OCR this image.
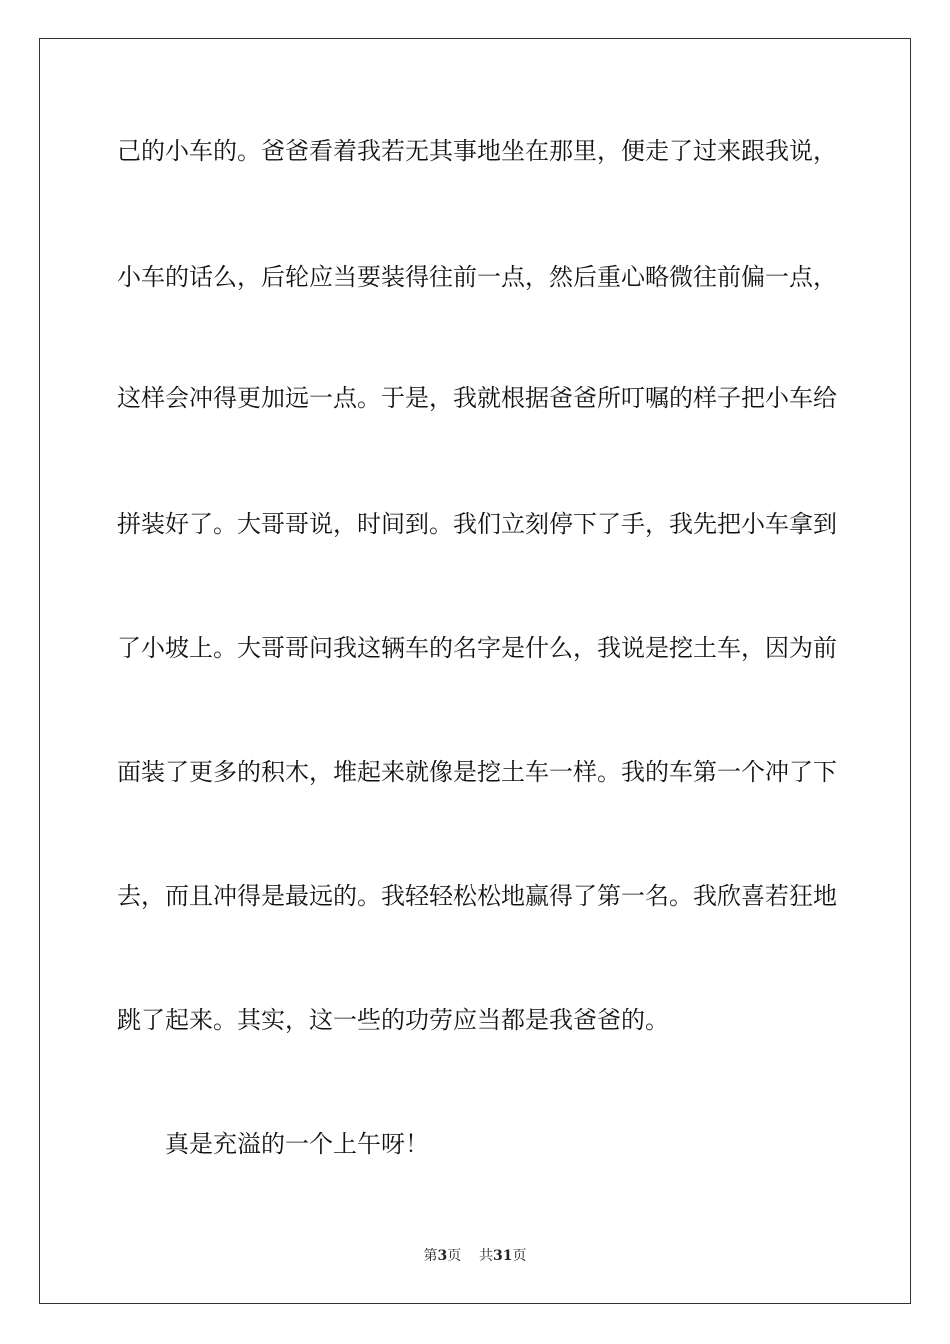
己的小车的。爸爸看着我若无其事地坐在那里，便走了过来跟我说，
小车的话么，后轮应当要装得往前一点，然后重心略微往前偏一点，
这样会冲得更加远一点。于是，我就根据爸爸所叮嘱的样子把小车给
拼装好了。大哥哥说，时间到。我们立刻停下了手，我先把小车拿到
了小坡上。大哥哥问我这辆车的名字是什么，我说是挖土车，因为前
面装了更多的积木，堆起来就像是挖土车一样。我的车第一个冲了下
去，而且冲得是最远的。我轻轻松松地赢得了第一名。我欣喜若狂地
跳了起来。其实，这一些的功劳应当都是我爸爸的。
真是充溢的一个上午呀！
第3页 共31页
